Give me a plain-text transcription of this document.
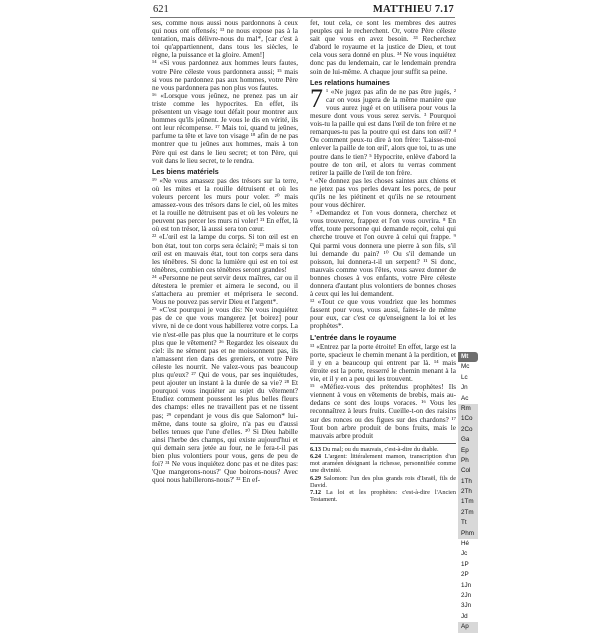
621	MATTHIEU 7.17

ses, comme nous aussi nous pardonnons à ceux qui nous ont offensés; ¹³ ne nous expose pas à la tentation, mais délivre-nous du mal*, [car c'est à toi qu'appartiennent, dans tous les siècles, le règne, la puissance et la gloire. Amen!]

¹⁴ «Si vous pardonnez aux hommes leurs fautes, votre Père céleste vous pardonnera aussi; ¹⁵ mais si vous ne pardonnez pas aux hommes, votre Père ne vous pardonnera pas non plus vos fautes.

¹⁶ «Lorsque vous jeûnez, ne prenez pas un air triste comme les hypocrites. En effet, ils présentent un visage tout défait pour montrer aux hommes qu'ils jeûnent. Je vous le dis en vérité, ils ont leur récompense. ¹⁷ Mais toi, quand tu jeûnes, parfume ta tête et lave ton visage ¹⁸ afin de ne pas montrer que tu jeûnes aux hommes, mais à ton Père qui est dans le lieu secret; et ton Père, qui voit dans le lieu secret, te le rendra.

Les biens matériels

¹⁹ «Ne vous amassez pas des trésors sur la terre, où les mites et la rouille détruisent et où les voleurs percent les murs pour voler. ²⁰ mais amassez-vous des trésors dans le ciel, où les mites et la rouille ne détruisent pas et où les voleurs ne peuvent pas percer les murs ni voler! ²¹ En effet, là où est ton trésor, là aussi sera ton cœur.

²² «L'œil est la lampe du corps. Si ton œil est en bon état, tout ton corps sera éclairé; ²³ mais si ton œil est en mauvais état, tout ton corps sera dans les ténèbres. Si donc la lumière qui est en toi est ténèbres, combien ces ténèbres seront grandes!

²⁴ «Personne ne peut servir deux maîtres, car ou il détestera le premier et aimera le second, ou il s'attachera au premier et méprisera le second. Vous ne pouvez pas servir Dieu et l'argent*.

²⁵ «C'est pourquoi je vous dis: Ne vous inquiétez pas de ce que vous mangerez [et boirez] pour vivre, ni de ce dont vous habillerez votre corps. La vie n'est-elle pas plus que la nourriture et le corps plus que le vêtement? ²⁶ Regardez les oiseaux du ciel: ils ne sèment pas et ne moissonnent pas, ils n'amassent rien dans des greniers, et votre Père céleste les nourrit. Ne valez-vous pas beaucoup plus qu'eux? ²⁷ Qui de vous, par ses inquiétudes, peut ajouter un instant à la durée de sa vie? ²⁸ Et pourquoi vous inquiéter au sujet du vêtement? Etudiez comment poussent les plus belles fleurs des champs: elles ne travaillent pas et ne tissent pas; ²⁹ cependant je vous dis que Salomon* lui-même, dans toute sa gloire, n'a pas eu d'aussi belles tenues que l'une d'elles. ³⁰ Si Dieu habille ainsi l'herbe des champs, qui existe aujourd'hui et qui demain sera jetée au four, ne le fera-t-il pas bien plus volontiers pour vous, gens de peu de foi? ³¹ Ne vous inquiétez donc pas et ne dites pas: 'Que mangerons-nous?' Que boirons-nous? Avec quoi nous habillerons-nous?' ³² En ef-

fet, tout cela, ce sont les membres des autres peuples qui le recherchent. Or, votre Père céleste sait que vous en avez besoin. ³³ Recherchez d'abord le royaume et la justice de Dieu, et tout cela vous sera donné en plus. ³⁴ Ne vous inquiétez donc pas du lendemain, car le lendemain prendra soin de lui-même. A chaque jour suffit sa peine.

Les relations humaines

7 ¹ «Ne jugez pas afin de ne pas être jugés, ² car on vous jugera de la même manière que vous aurez jugé et on utilisera pour vous la mesure dont vous vous serez servis. ³ Pourquoi vois-tu la paille qui est dans l'œil de ton frère et ne remarques-tu pas la poutre qui est dans ton œil? ⁴ Ou comment peux-tu dire à ton frère: 'Laisse-moi enlever la paille de ton œil', alors que toi, tu as une poutre dans le tien? ⁵ Hypocrite, enlève d'abord la poutre de ton œil, et alors tu verras comment retirer la paille de l'œil de ton frère.

⁶ «Ne donnez pas les choses saintes aux chiens et ne jetez pas vos perles devant les porcs, de peur qu'ils ne les piétinent et qu'ils ne se retournent pour vous déchirer.

⁷ «Demandez et l'on vous donnera, cherchez et vous trouverez, frappez et l'on vous ouvrira. ⁸ En effet, toute personne qui demande reçoit, celui qui cherche trouve et l'on ouvre à celui qui frappe. ⁹ Qui parmi vous donnera une pierre à son fils, s'il lui demande du pain? ¹⁰ Ou s'il demande un poisson, lui donnera-t-il un serpent? ¹¹ Si donc, mauvais comme vous l'êtes, vous savez donner de bonnes choses à vos enfants, votre Père céleste donnera d'autant plus volontiers de bonnes choses à ceux qui les lui demandent.

¹² «Tout ce que vous voudriez que les hommes fassent pour vous, vous aussi, faites-le de même pour eux, car c'est ce qu'enseignent la loi et les prophètes*.

L'entrée dans le royaume

¹³ «Entrez par la porte étroite! En effet, large est la porte, spacieux le chemin menant à la perdition, et il y en a beaucoup qui entrent par là. ¹⁴ mais étroite est la porte, resserré le chemin menant à la vie, et il y en a peu qui les trouvent.

¹⁵ «Méfiez-vous des prétendus prophètes! Ils viennent à vous en vêtements de brebis, mais au-dedans ce sont des loups voraces. ¹⁶ Vous les reconnaîtrez à leurs fruits. Cueille-t-on des raisins sur des ronces ou des figues sur des chardons? ¹⁷ Tout bon arbre produit de bons fruits, mais le mauvais arbre produit

6.13 Du mal; ou du mauvais, c'est-à-dire du diable.
6.24 L'argent: littéralement mamon, transcription d'un mot araméen désignant la richesse, personnifiée comme une divinité.
6.29 Salomon: l'un des plus grands rois d'Israël, fils de David.
7.12 La loi et les prophètes: c'est-à-dire l'Ancien Testament.
Mt
Mc
Lc
Jn
Ac
Rm
1Co
2Co
Ga
Ep
Ph
Col
1Th
2Th
1Tm
2Tm
Tt
Phm
Hé
Jc
1P
2P
1Jn
2Jn
3Jn
Jd
Ap
